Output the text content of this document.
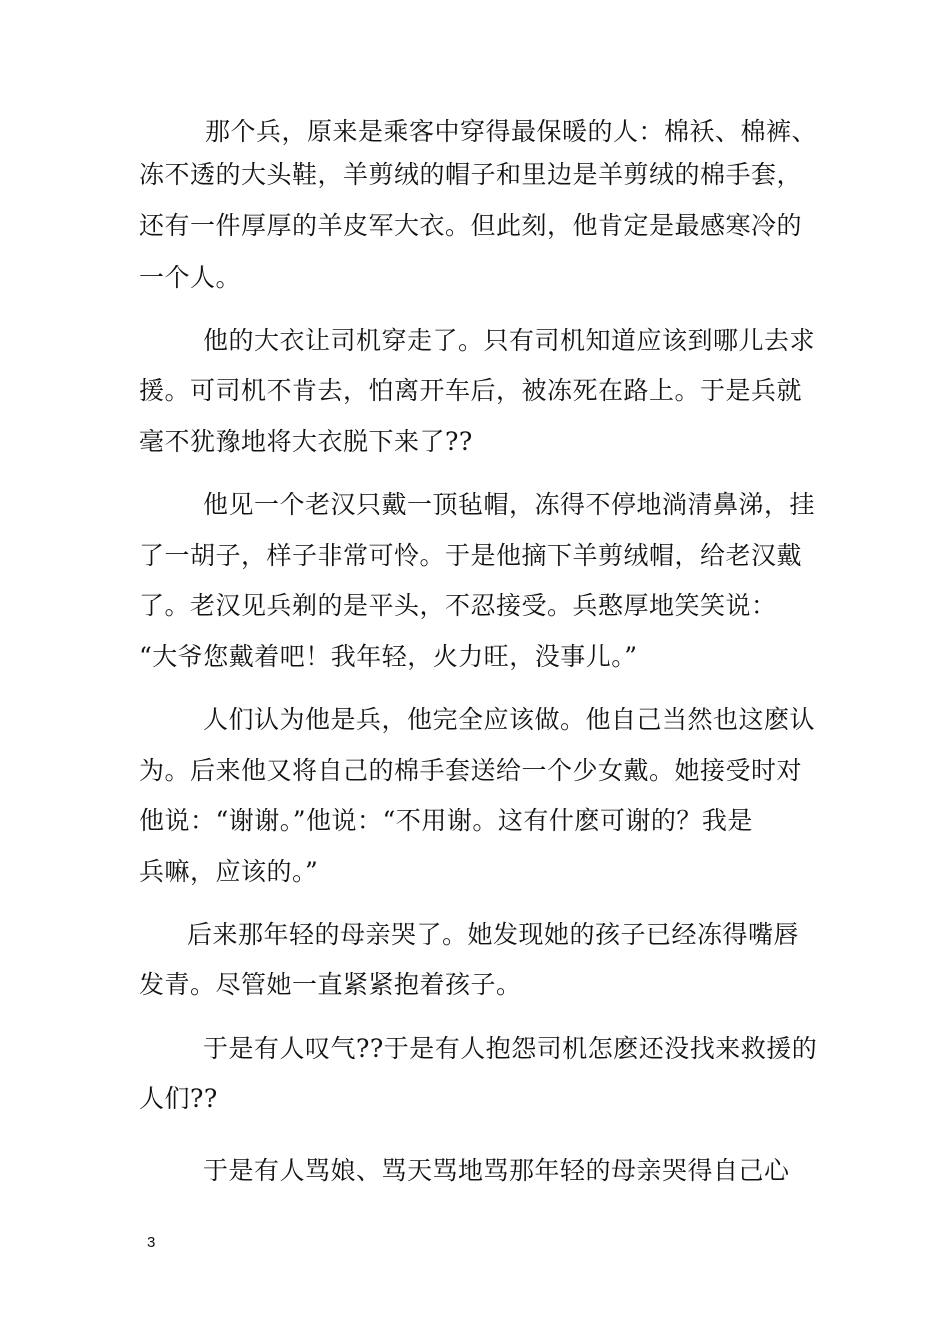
那个兵，原来是乘客中穿得最保暖的人：棉袄、棉裤、
冻不透的大头鞋，羊剪绒的帽子和里边是羊剪绒的棉手套，
还有一件厚厚的羊皮军大衣。但此刻，他肯定是最感寒冷的
一个人。
他的大衣让司机穿走了。只有司机知道应该到哪儿去求
援。可司机不肯去，怕离开车后，被冻死在路上。于是兵就
毫不犹豫地将大衣脱下来了??
他见一个老汉只戴一顶毡帽，冻得不停地淌清鼻涕，挂
了一胡子，样子非常可怜。于是他摘下羊剪绒帽，给老汉戴
了。老汉见兵剃的是平头，不忍接受。兵憨厚地笑笑说：
“大爷您戴着吧！我年轻，火力旺，没事儿。”
人们认为他是兵，他完全应该做。他自己当然也这麽认
为。后来他又将自己的棉手套送给一个少女戴。她接受时对
他说：“谢谢。”他说：“不用谢。这有什麽可谢的？我是
兵嘛，应该的。”
后来那年轻的母亲哭了。她发现她的孩子已经冻得嘴唇
发青。尽管她一直紧紧抱着孩子。
于是有人叹气??于是有人抱怨司机怎麽还没找来救援的
人们??
于是有人骂娘、骂天骂地骂那年轻的母亲哭得自己心
3
